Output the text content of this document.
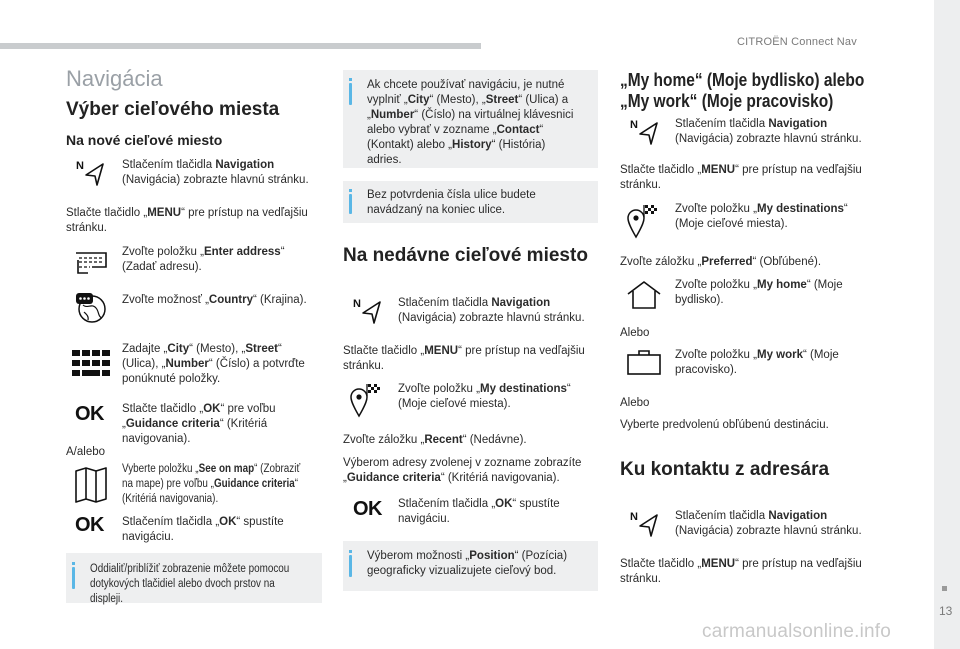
CITROËN Connect Nav
13
carmanualsonline.info
Navigácia
Výber cieľového miesta
Na nové cieľové miesto
N	Stlačením tlačidla Navigation
(Navigácia) zobrazte hlavnú stránku.
Stlačte tlačidlo „MENU“ pre prístup na vedľajšiu
stránku.
Zvoľte položku „Enter address“
(Zadať adresu).
Zvoľte možnosť „Country“ (Krajina).
Zadajte „City“ (Mesto), „Street“
(Ulica), „Number“ (Číslo) a potvrďte
ponúknuté položky.
OK Stlačte tlačidlo „OK“ pre voľbu
„Guidance criteria“ (Kritériá
navigovania).
A/alebo
Vyberte položku „See on map“ (Zobraziť
na mape) pre voľbu „Guidance criteria“
(Kritériá navigovania).
OK Stlačením tlačidla „OK“ spustíte
navigáciu.
Oddialiť/priblížiť zobrazenie môžete pomocou
dotykových tlačidiel alebo dvoch prstov na displeji.
Ak chcete používať navigáciu, je nutné
vyplniť „City“ (Mesto), „Street“ (Ulica) a
„Number“ (Číslo) na virtuálnej klávesnici
alebo vybrať v zozname „Contact“
(Kontakt) alebo „History“ (História)
adries.
Bez potvrdenia čísla ulice budete
navádzaný na koniec ulice.
Na nedávne cieľové miesto
N	Stlačením tlačidla Navigation
(Navigácia) zobrazte hlavnú stránku.
Stlačte tlačidlo „MENU“ pre prístup na vedľajšiu
stránku.
Zvoľte položku „My destinations“
(Moje cieľové miesta).
Zvoľte záložku „Recent“ (Nedávne).
Výberom adresy zvolenej v zozname zobrazíte
„Guidance criteria“ (Kritériá navigovania).
OK Stlačením tlačidla „OK“ spustíte
navigáciu.
Výberom možnosti „Position“ (Pozícia)
geograficky vizualizujete cieľový bod.
„My home“ (Moje bydlisko) alebo
„My work“ (Moje pracovisko)
N	Stlačením tlačidla Navigation
(Navigácia) zobrazte hlavnú stránku.
Stlačte tlačidlo „MENU“ pre prístup na vedľajšiu
stránku.
Zvoľte položku „My destinations“
(Moje cieľové miesta).
Zvoľte záložku „Preferred“ (Obľúbené).
Zvoľte položku „My home“ (Moje
bydlisko).
Alebo
Zvoľte položku „My work“ (Moje
pracovisko).
Alebo
Vyberte predvolenú obľúbenú destináciu.
Ku kontaktu z adresára
N	Stlačením tlačidla Navigation
(Navigácia) zobrazte hlavnú stránku.
Stlačte tlačidlo „MENU“ pre prístup na vedľajšiu
stránku.
